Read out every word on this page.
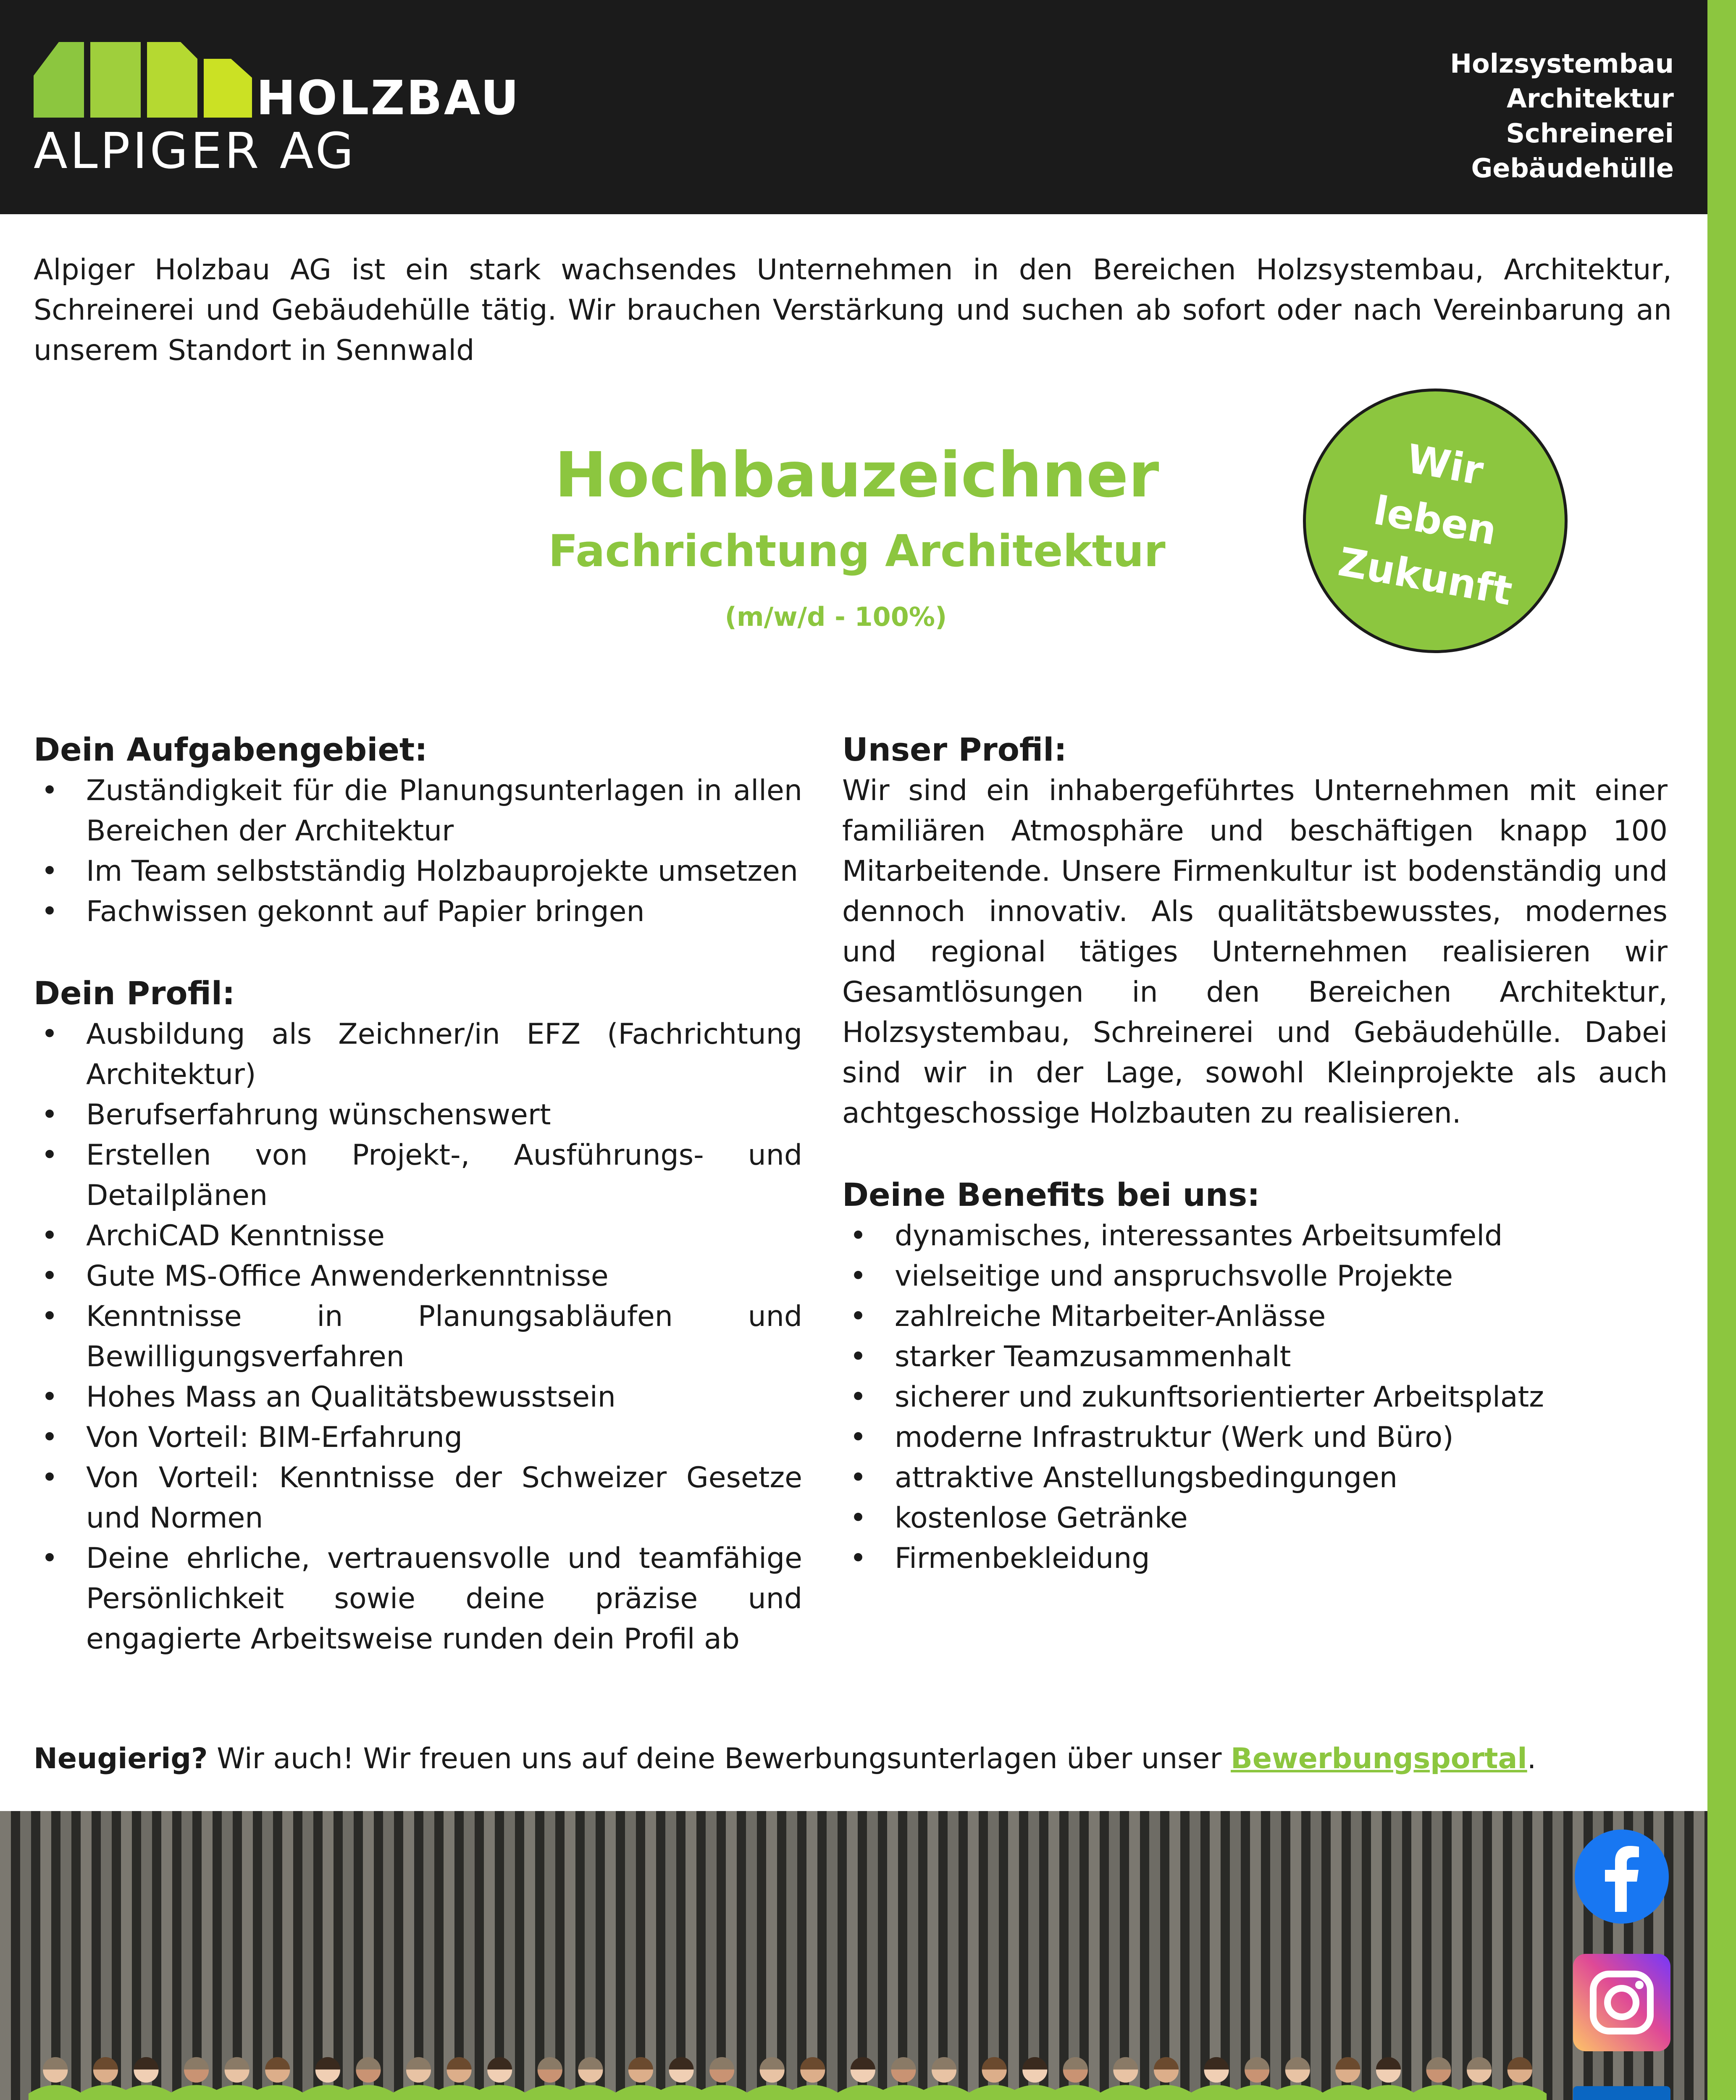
HOLZBAU
ALPIGER AG
Holzsystembau
Architektur
Schreinerei
Gebäudehülle

Alpiger Holzbau AG ist ein stark wachsendes Unternehmen in den Bereichen Holzsystembau, Architektur, Schreinerei und Gebäudehülle tätig. Wir brauchen Verstärkung und suchen ab sofort oder nach Vereinbarung an unserem Standort in Sennwald

Hochbauzeichner
Fachrichtung Architektur
(m/w/d - 100%)
Wir
leben
Zukunft
Dein Aufgabengebiet:
• Zuständigkeit für die Planungsunterlagen in allen Bereichen der Architektur
• Im Team selbstständig Holzbauprojekte umsetzen
• Fachwissen gekonnt auf Papier bringen
Dein Profil:
• Ausbildung als Zeichner/in EFZ (Fachrichtung Architektur)
• Berufserfahrung wünschenswert
• Erstellen von Projekt-, Ausführungs- und Detailplänen
• ArchiCAD Kenntnisse
• Gute MS-Office Anwenderkenntnisse
• Kenntnisse in Planungsabläufen und Bewilligungsverfahren
• Hohes Mass an Qualitätsbewusstsein
• Von Vorteil: BIM-Erfahrung
• Von Vorteil: Kenntnisse der Schweizer Gesetze und Normen
• Deine ehrliche, vertrauensvolle und teamfähige Persönlichkeit sowie deine präzise und engagierte Arbeitsweise runden dein Profil ab
Unser Profil:

Wir sind ein inhabergeführtes Unternehmen mit einer familiären Atmosphäre und beschäftigen knapp 100 Mitarbeitende. Unsere Firmenkultur ist bodenständig und dennoch innovativ. Als qualitätsbewusstes, modernes und regional tätiges Unternehmen realisieren wir Gesamtlösungen in den Bereichen Architektur, Holzsystembau, Schreinerei und Gebäudehülle. Dabei sind wir in der Lage, sowohl Kleinprojekte als auch achtgeschossige Holzbauten zu realisieren.

Deine Benefits bei uns:
• dynamisches, interessantes Arbeitsumfeld
• vielseitige und anspruchsvolle Projekte
• zahlreiche Mitarbeiter-Anlässe
• starker Teamzusammenhalt
• sicherer und zukunftsorientierter Arbeitsplatz
• moderne Infrastruktur (Werk und Büro)
• attraktive Anstellungsbedingungen
• kostenlose Getränke
• Firmenbekleidung

Neugierig? Wir auch! Wir freuen uns auf deine Bewerbungsunterlagen über unser Bewerbungsportal.
